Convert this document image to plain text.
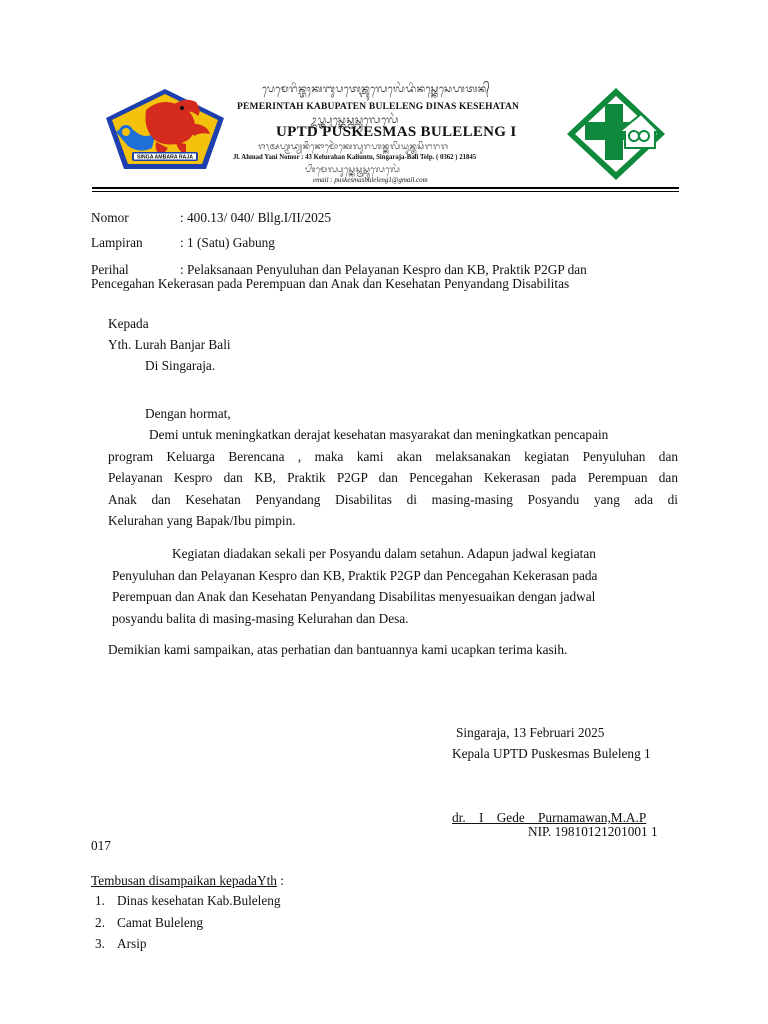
SINGA AMBARA RAJA
ᬧᬾᬫᬾᬭᬶᬦ᭄ᬢᬄᬓᬩᬸᬧᬢᬾᬦ᭄ᬩᬸᬮᬾᬮᬾᬂᬤᬶᬦᬲ᭄ᬓᬾᬲᬾᬳᬢᬦ᭄
PEMERINTAH KABUPATEN BULELENG DINAS KESEHATAN
ᬉᬧ᭄ᬢ᭄ᬤ᭄ᬧᬸᬲ᭄ᬓᬾᬲ᭄ᬫᬲ᭄ᬩᬸᬮᬾᬮᬾᬂ
UPTD PUSKESMAS BULELENG I
ᬚ᭞ᬅᬳ᭄ᬫᬤ᭄ᬬᬦᬶᬦᭀᬫᭀᬃᬓᬾᬮᬸᬭᬳᬦ᭄ᬓᬮᬶᬬᬸᬦ᭄ᬢᬸᬲᬶᬗᬭᬚ
Jl. Ahmad Yani Nomor : 43 Kelurahan Kaliuntu, Singaraja-Bali Telp. ( 0362 ) 21845
ᬳᬶᬫᬾᬮ᭄ᬧᬸᬲ᭄ᬓᬾᬲ᭄ᬫᬲ᭄ᬩᬸᬮᬾᬮᬾᬂ
email : puskesmasbuleleng1@gmail.com
Nomor	: 400.13/ 040/ Bllg.I/II/2025
Lampiran	: 1 (Satu) Gabung
Perihal	: Pelaksanaan Penyuluhan dan Pelayanan Kespro dan KB, Praktik P2GP dan
Pencegahan Kekerasan pada Perempuan dan Anak dan Kesehatan Penyandang Disabilitas
Kepada
Yth. Lurah Banjar Bali
Di Singaraja.
Dengan hormat,
Demi untuk meningkatkan derajat kesehatan masyarakat dan meningkatkan pencapain
program Keluarga Berencana , maka kami akan melaksanakan kegiatan Penyuluhan dan
Pelayanan Kespro dan KB, Praktik P2GP dan Pencegahan Kekerasan pada Perempuan dan
Anak dan Kesehatan Penyandang Disabilitas di masing-masing Posyandu yang ada di
Kelurahan yang Bapak/Ibu pimpin.
Kegiatan diadakan sekali per Posyandu dalam setahun. Adapun jadwal kegiatan
Penyuluhan dan Pelayanan Kespro dan KB, Praktik P2GP dan Pencegahan Kekerasan pada
Perempuan dan Anak dan Kesehatan Penyandang Disabilitas menyesuaikan dengan jadwal
posyandu balita di masing-masing Kelurahan dan Desa.
Demikian kami sampaikan, atas perhatian dan bantuannya kami ucapkan terima kasih.
Singaraja, 13 Februari 2025
Kepala UPTD Puskesmas Buleleng 1
dr.    I    Gede    Purnamawan,M.A.P
NIP. 19810121201001 1
017
Tembusan disampaikan kepadaYth :
1. Dinas kesehatan Kab.Buleleng
2. Camat Buleleng
3. Arsip
